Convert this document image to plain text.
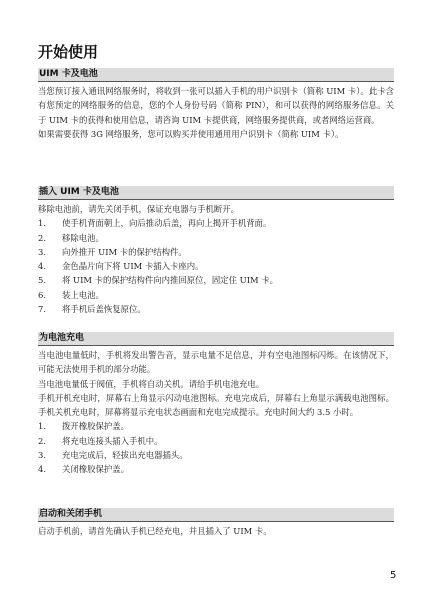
开始使用
UIM 卡及电池

当您预订接入通讯网络服务时，将收到一张可以插入手机的用户识别卡（简称 UIM 卡）。此卡含有您预定的网络服务的信息，您的个人身份号码（简称 PIN），和可以获得的网络服务信息。关于 UIM 卡的获得和使用信息，请咨询 UIM 卡提供商，网络服务提供商，或者网络运营商。

如果需要获得 3G 网络服务，您可以购买并使用通用用户识别卡（简称 UIM 卡）。

插入 UIM 卡及电池

移除电池前，请先关闭手机，保证充电器与手机断开。

1. 使手机背面朝上，向后推动后盖，再向上揭开手机背面。
2. 移除电池。
3. 向外推开 UIM 卡的保护结构件。
4. 金色晶片向下将 UIM 卡插入卡座内。
5. 将 UIM 卡的保护结构件向内推回原位，固定住 UIM 卡。
6. 装上电池。
7. 将手机后盖恢复原位。
为电池充电

当电池电量低时，手机将发出警告音，显示电量不足信息，并有空电池图标闪烁。在该情况下，可能无法使用手机的部分功能。

当电池电量低于阀值，手机将自动关机。请给手机电池充电。

手机开机充电时，屏幕右上角显示闪动电池图标。充电完成后，屏幕右上角显示满载电池图标。手机关机充电时，屏幕将显示充电状态画面和充电完成提示。充电时间大约 3.5 小时。

1. 拨开橡胶保护盖。
2. 将充电连接头插入手机中。
3. 充电完成后，轻拔出充电器插头。
4. 关闭橡胶保护盖。
启动和关闭手机

启动手机前，请首先确认手机已经充电，并且插入了 UIM 卡。

5
